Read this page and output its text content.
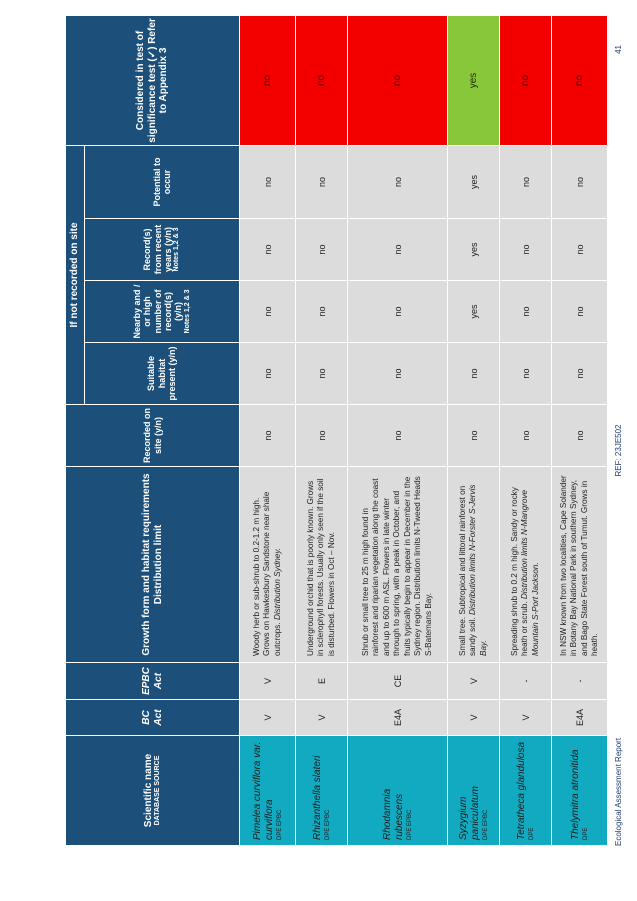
Scientific name DATABASE SOURCE	BC Act	EPBC Act	Growth form and habitat requirements Distribution limit	Recorded on site (y/n)	If not recorded on site				Considered in test of significance test (✓) Refer to Appendix 3
					Suitable habitat present (y/n)	Nearby and / or high number of record(s) (y/n) Notes 1,2 & 3	Record(s) from recent years (y/n) Notes 1,2 & 3	Potential to occur	

Pimelea curviflora var. curviflora DPE EPBC	V	V	Woody herb or sub-shrub to 0.2-1.2 m high. Grows on Hawkesbury Sandstone near shale outcrops. Distribution Sydney.	no	no	no	no	no	no

Rhizanthella slateri DPE EPBC	V	E	Underground orchid that is poorly known. Grows in sclerophyll forests. Usually only seen if the soil is disturbed. Flowers in Oct – Nov.	no	no	no	no	no	no

Rhodamnia rubescens DPE EPBC	E4A	CE	Shrub or small tree to 25 m high found in rainforest and riparian vegetation along the coast and up to 600 m ASL. Flowers in late winter through to spring, with a peak in October, and fruits typically begin to appear in December in the Sydney region. Distribution limits N-Tweed Heads S-Batemans Bay.	no	no	no	no	no	no

Syzygium paniculatum DPE EPBC	V	V	Small tree. Subtropical and littoral rainforest on sandy soil. Distribution limits N-Forster S-Jervis Bay.	no	no	yes	yes	yes	yes

Tetratheca glandulosa DPE	V	-	Spreading shrub to 0.2 m high. Sandy or rocky heath or scrub. Distribution limits N-Mangrove Mountain S-Port Jackson.	no	no	no	no	no	no

Thelymitra atronitida DPE	E4A	-	In NSW known from two localities, Cape Solander in Botany Bay National Park in southern Sydney, and Bago State Forest south of Tumut. Grows in heath.	no	no	no	no	no	no
Ecological Assessment Report
REF: 23JE502
41
